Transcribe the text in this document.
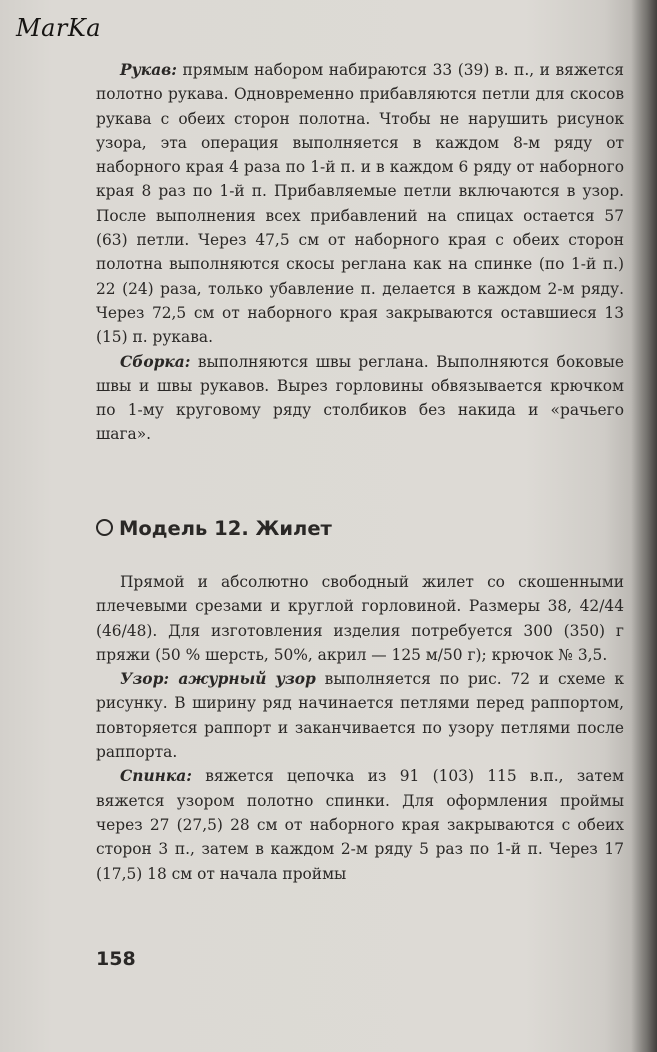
MarKa

Рукав: прямым набором набираются 33 (39) в. п., и вяжется полотно рукава. Одновременно прибавляются петли для скосов рукава с обеих сторон полотна. Чтобы не нарушить рисунок узора, эта операция выполняется в каждом 8-м ряду от наборного края 4 раза по 1-й п. и в каждом 6 ряду от наборного края 8 раз по 1-й п. Прибавляемые петли включаются в узор. После выполнения всех прибавлений на спицах остается 57 (63) петли. Через 47,5 см от наборного края с обеих сторон полотна выполняются скосы реглана как на спинке (по 1-й п.) 22 (24) раза, только убавление п. делается в каждом 2-м ряду. Через 72,5 см от наборного края закрываются оставшиеся 13 (15) п. рукава.

Сборка: выполняются швы реглана. Выполняются боковые швы и швы рукавов. Вырез горловины обвязывается крючком по 1-му круговому ряду столбиков без накида и «рачьего шага».

Модель 12. Жилет

Прямой и абсолютно свободный жилет со скошенными плечевыми срезами и круглой горловиной. Размеры 38, 42/44 (46/48). Для изготовления изделия потребуется 300 (350) г пряжи (50 % шерсть, 50%, акрил — 125 м/50 г); крючок № 3,5.

Узор: ажурный узор выполняется по рис. 72 и схеме к рисунку. В ширину ряд начинается петлями перед раппортом, повторяется раппорт и заканчивается по узору петлями после раппорта.

Спинка: вяжется цепочка из 91 (103) 115 в.п., затем вяжется узором полотно спинки. Для оформления проймы через 27 (27,5) 28 см от наборного края закрываются с обеих сторон 3 п., затем в каждом 2-м ряду 5 раз по 1-й п. Через 17 (17,5) 18 см от начала проймы

158
